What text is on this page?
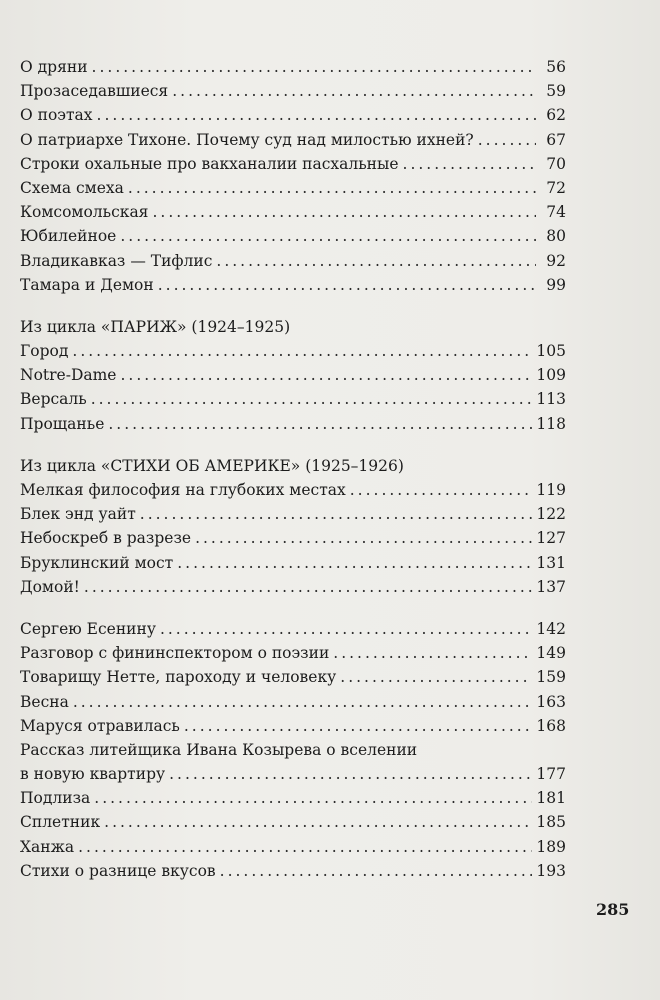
О дряни .....	56
Прозаседавшиеся .....	59
О поэтах .....	62
О патриархе Тихоне. Почему суд над милостью ихней? .....	67
Строки охальные про вакханалии пасхальные .....	70
Схема смеха .....	72
Комсомольская .....	74
Юбилейное .....	80
Владикавказ — Тифлис .....	92
Тамара и Демон .....	99
Из цикла «ПАРИЖ» (1924–1925)
Город .....	105
Notre-Dame .....	109
Версаль .....	113
Прощанье .....	118
Из цикла «СТИХИ ОБ АМЕРИКЕ» (1925–1926)
Мелкая философия на глубоких местах .....	119
Блек энд уайт .....	122
Небоскреб в разрезе .....	127
Бруклинский мост .....	131
Домой! .....	137
Сергею Есенину .....	142
Разговор с фининспектором о поэзии .....	149
Товарищу Нетте, пароходу и человеку .....	159
Весна .....	163
Маруся отравилась .....	168
Рассказ литейщика Ивана Козырева о вселении
в новую квартиру .....	177
Подлиза .....	181
Сплетник .....	185
Ханжа .....	189
Стихи о разнице вкусов .....	193
285
